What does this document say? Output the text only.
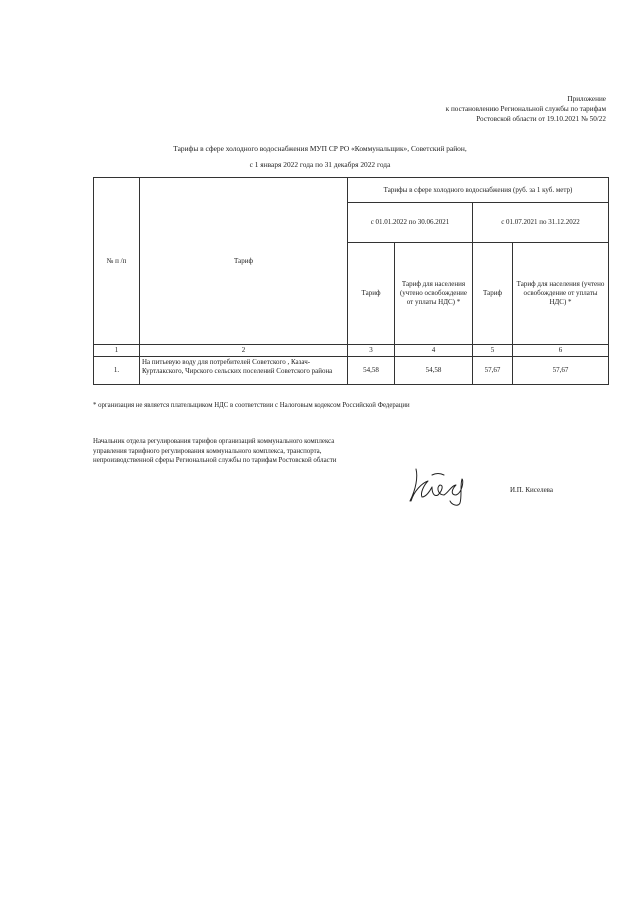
Приложение
к постановлению Региональной службы по тарифам
Ростовской области от 19.10.2021 № 50/22
Тарифы в сфере холодного водоснабжения МУП СР РО «Коммунальщик», Советский район,
с 1 января 2022 года по 31 декабря 2022 года
№ п /п	Тариф	Тарифы в сфере холодного водоснабжения (руб. за 1 куб. метр)			
		с 01.01.2022 по 30.06.2021		с 01.07.2021 по 31.12.2022	
		Тариф	Тариф для населения (учтено освобождение от уплаты НДС) *	Тариф	Тариф для населения (учтено освобождение от уплаты НДС) *
1	2	3	4	5	6
1.	На питьевую воду для потребителей Советского , Казач-Куртлакского, Чирского сельских поселений Советского района	54,58	54,58	57,67	57,67
* организация не является плательщиком НДС в соответствии с Налоговым кодексом Российской Федерации
Начальник отдела регулирования тарифов организаций коммунального комплекса управления тарифного регулирования коммунального комплекса, транспорта, непроизводственной сферы Региональной службы по тарифам Ростовской области
И.П. Киселева
